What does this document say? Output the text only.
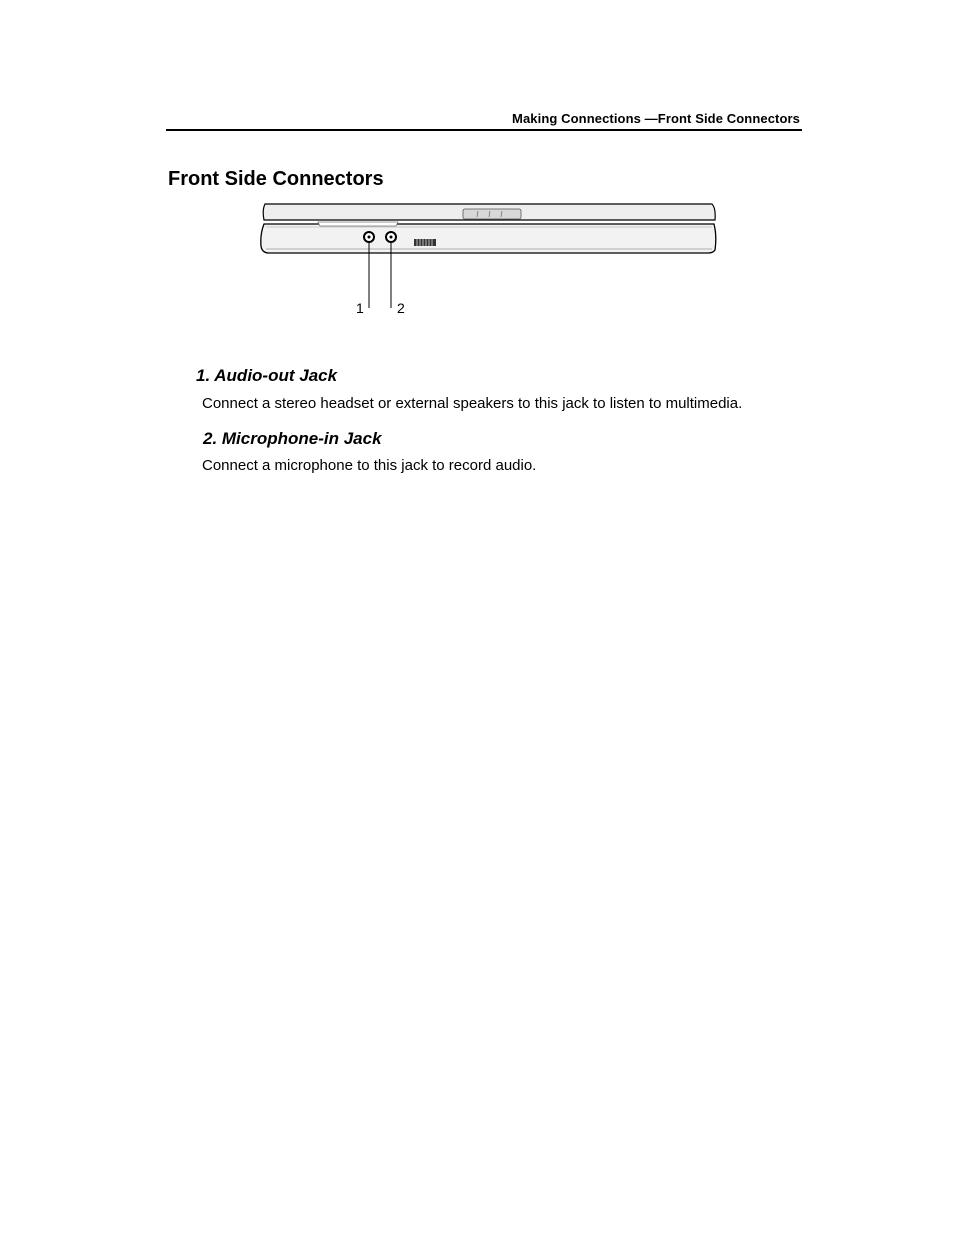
Making Connections —Front Side Connectors
Front Side Connectors
1 2
1. Audio-out Jack
Connect a stereo headset or external speakers to this jack to listen to multimedia.
2. Microphone-in Jack
Connect a microphone to this jack to record audio.
